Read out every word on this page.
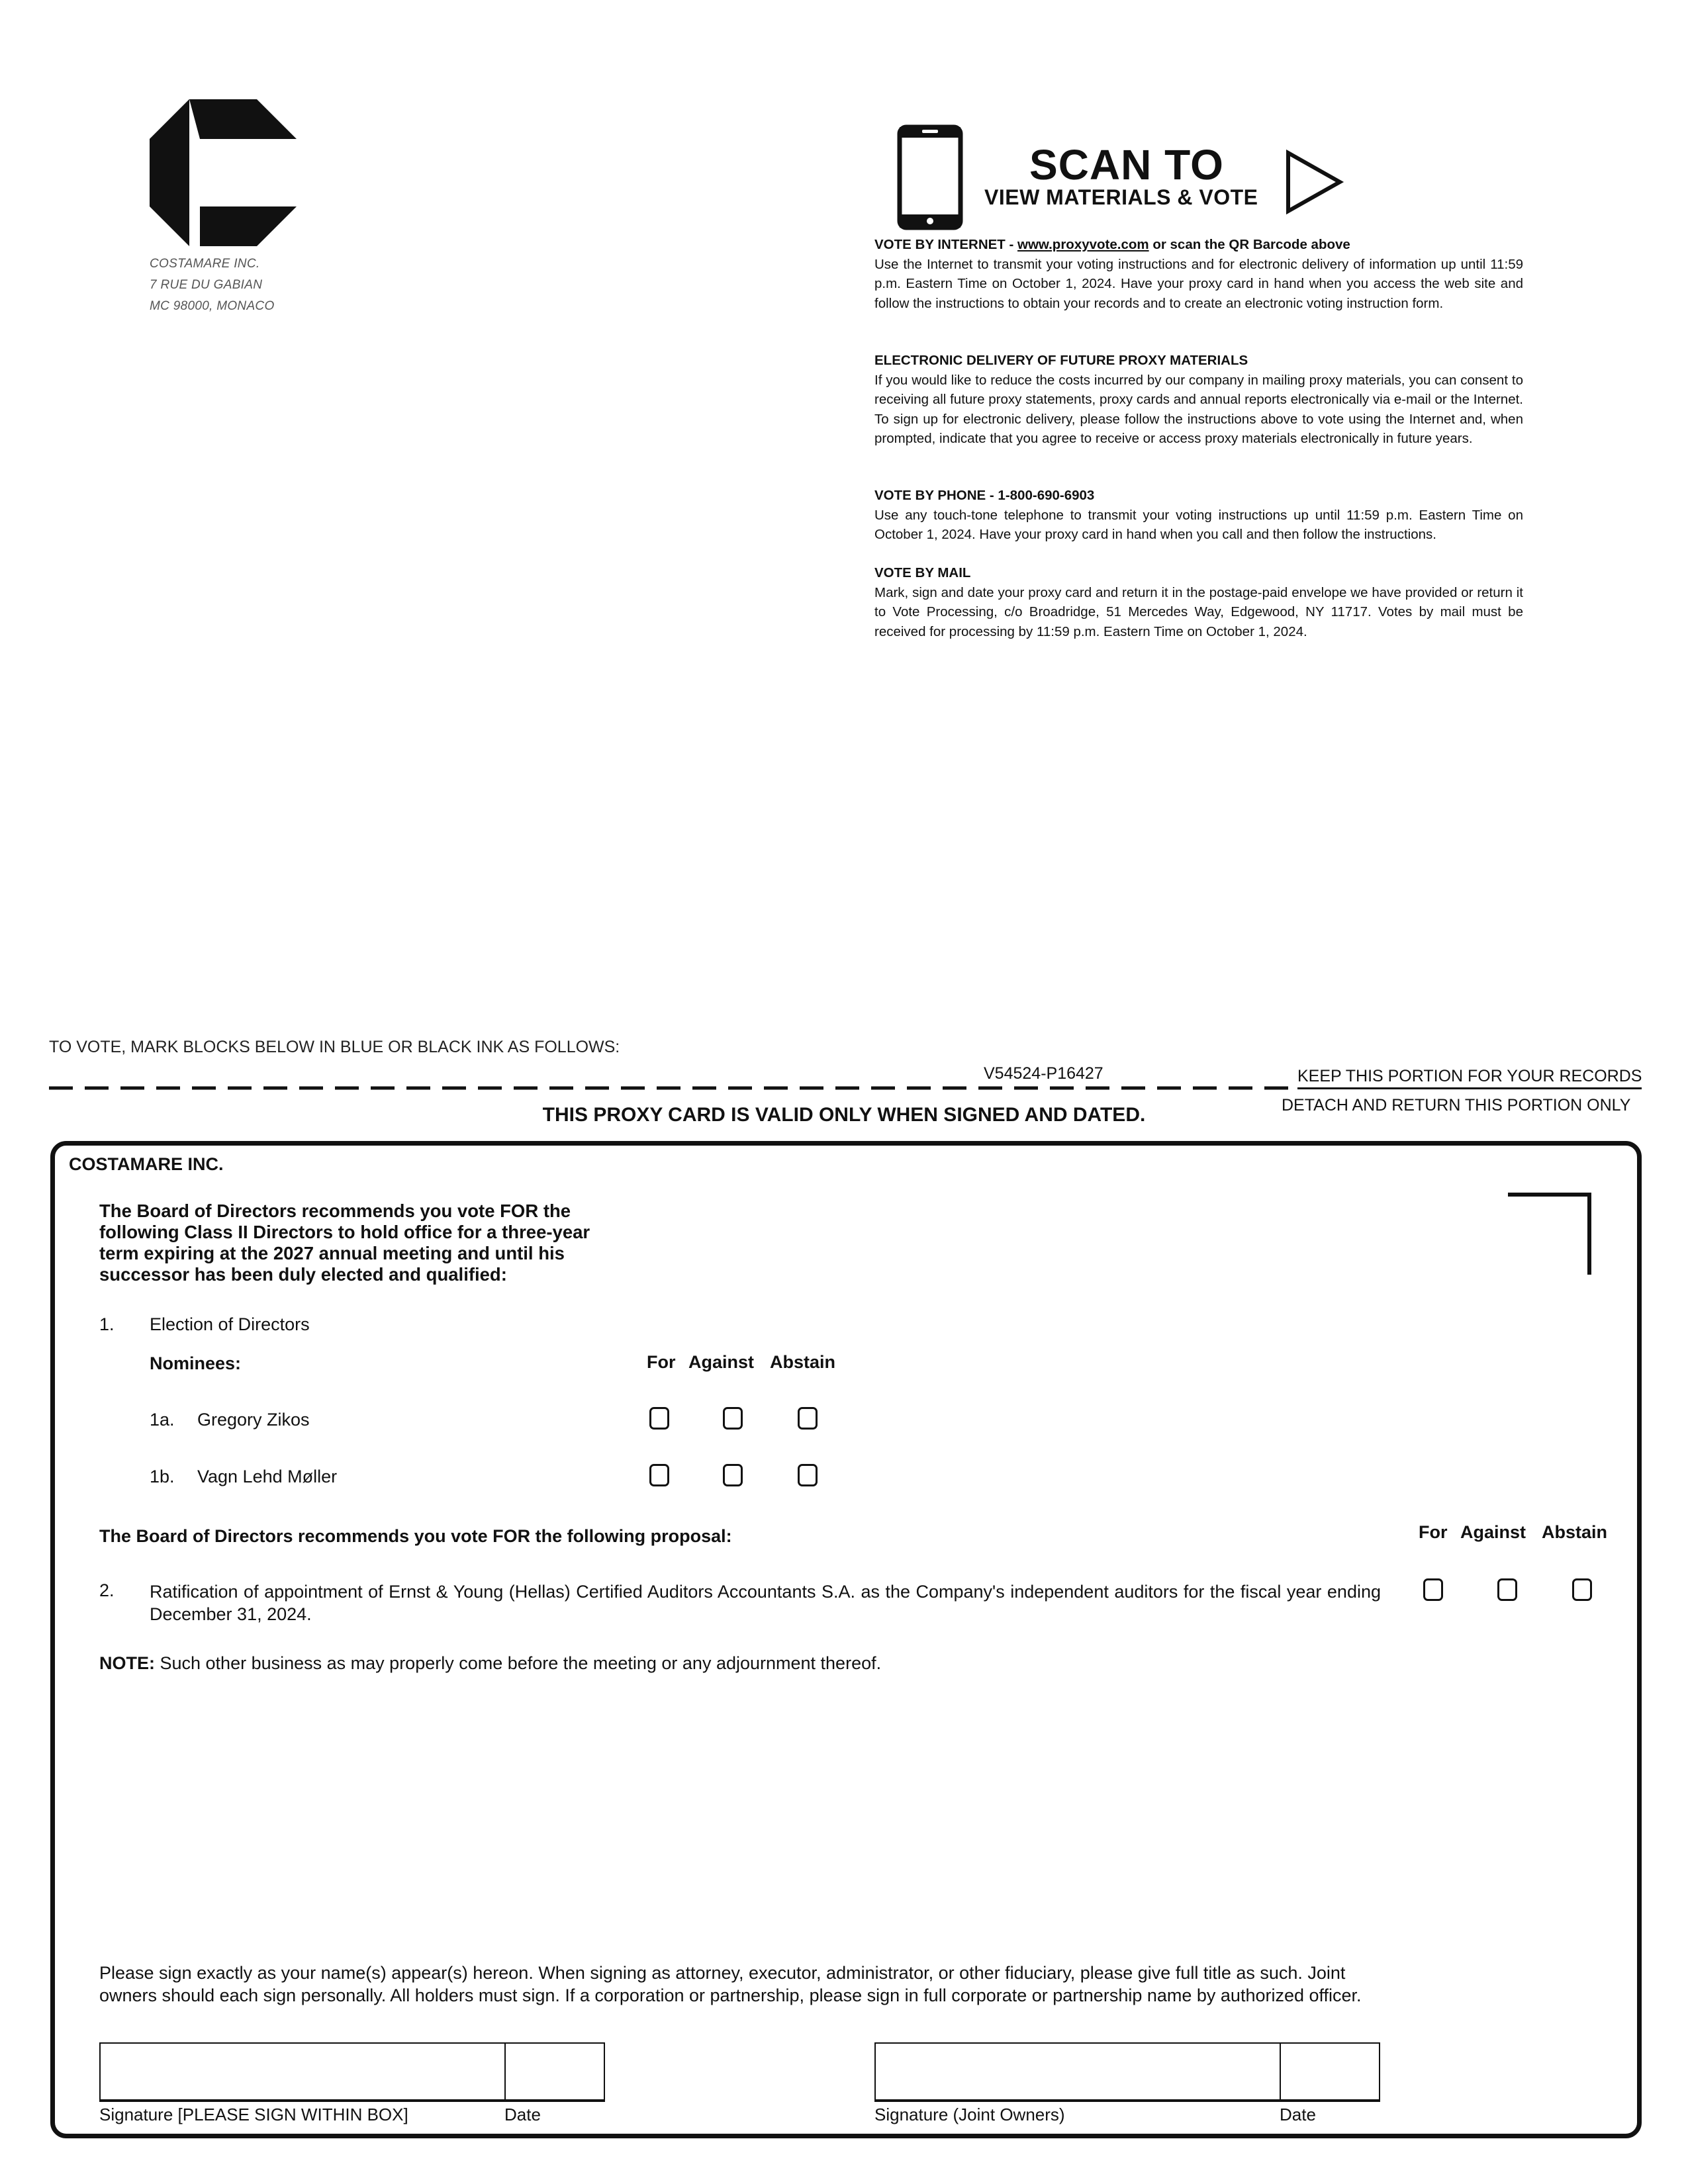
COSTAMARE INC.
7 RUE DU GABIAN
MC 98000, MONACO
SCAN TO
VIEW MATERIALS & VOTE
VOTE BY INTERNET - www.proxyvote.com or scan the QR Barcode above
Use the Internet to transmit your voting instructions and for electronic delivery of information up until 11:59 p.m. Eastern Time on October 1, 2024. Have your proxy card in hand when you access the web site and follow the instructions to obtain your records and to create an electronic voting instruction form.
ELECTRONIC DELIVERY OF FUTURE PROXY MATERIALS
If you would like to reduce the costs incurred by our company in mailing proxy materials, you can consent to receiving all future proxy statements, proxy cards and annual reports electronically via e-mail or the Internet. To sign up for electronic delivery, please follow the instructions above to vote using the Internet and, when prompted, indicate that you agree to receive or access proxy materials electronically in future years.
VOTE BY PHONE - 1-800-690-6903
Use any touch-tone telephone to transmit your voting instructions up until 11:59 p.m. Eastern Time on October 1, 2024. Have your proxy card in hand when you call and then follow the instructions.
VOTE BY MAIL
Mark, sign and date your proxy card and return it in the postage-paid envelope we have provided or return it to Vote Processing, c/o Broadridge, 51 Mercedes Way, Edgewood, NY 11717. Votes by mail must be received for processing by 11:59 p.m. Eastern Time on October 1, 2024.
TO VOTE, MARK BLOCKS BELOW IN BLUE OR BLACK INK AS FOLLOWS:
V54524-P16427	KEEP THIS PORTION FOR YOUR RECORDS
THIS PROXY CARD IS VALID ONLY WHEN SIGNED AND DATED.	DETACH AND RETURN THIS PORTION ONLY
COSTAMARE INC.
The Board of Directors recommends you vote FOR the following Class II Directors to hold office for a three-year term expiring at the 2027 annual meeting and until his successor has been duly elected and qualified:
1. Election of Directors
Nominees:	For Against Abstain
1a. Gregory Zikos
1b. Vagn Lehd Møller
The Board of Directors recommends you vote FOR the following proposal:	For Against Abstain
2. Ratification of appointment of Ernst & Young (Hellas) Certified Auditors Accountants S.A. as the Company's independent auditors for the fiscal year ending December 31, 2024.
NOTE: Such other business as may properly come before the meeting or any adjournment thereof.
Please sign exactly as your name(s) appear(s) hereon. When signing as attorney, executor, administrator, or other fiduciary, please give full title as such. Joint owners should each sign personally. All holders must sign. If a corporation or partnership, please sign in full corporate or partnership name by authorized officer.
Signature [PLEASE SIGN WITHIN BOX]	Date	Signature (Joint Owners)	Date
